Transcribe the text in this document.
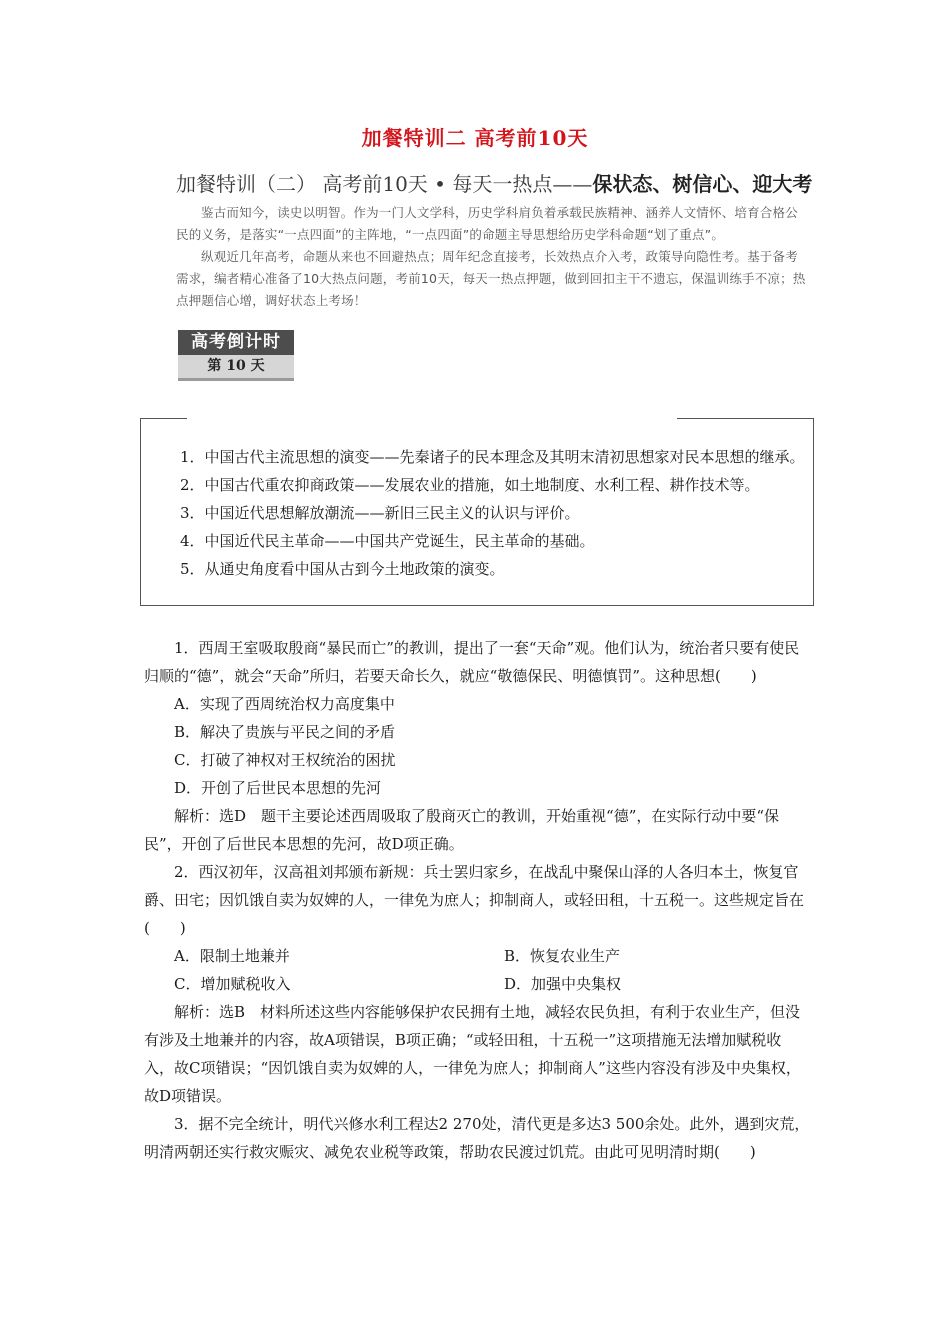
加餐特训二 高考前10天
加餐特训（二） 高考前10天 • 每天一热点——保状态、树信心、迎大考

鉴古而知今，读史以明智。作为一门人文学科，历史学科肩负着承载民族精神、涵养人文情怀、培育合格公民的义务，是落实“一点四面”的主阵地，“一点四面”的命题主导思想给历史学科命题“划了重点”。

纵观近几年高考，命题从来也不回避热点；周年纪念直接考，长效热点介入考，政策导向隐性考。基于备考需求，编者精心准备了10大热点问题，考前10天，每天一热点押题，做到回扣主干不遗忘，保温训练手不凉；热点押题信心增，调好状态上考场！

高考倒计时
第 10 天
1．中国古代主流思想的演变——先秦诸子的民本理念及其明末清初思想家对民本思想的继承。
2．中国古代重农抑商政策——发展农业的措施，如土地制度、水利工程、耕作技术等。
3．中国近代思想解放潮流——新旧三民主义的认识与评价。
4．中国近代民主革命——中国共产党诞生，民主革命的基础。
5．从通史角度看中国从古到今土地政策的演变。
1．西周王室吸取殷商“暴民而亡”的教训，提出了一套“天命”观。他们认为，统治者只要有使民归顺的“德”，就会“天命”所归，若要天命长久，就应“敬德保民、明德慎罚”。这种思想(　　)
A．实现了西周统治权力高度集中
B．解决了贵族与平民之间的矛盾
C．打破了神权对王权统治的困扰
D．开创了后世民本思想的先河
解析：选D　题干主要论述西周吸取了殷商灭亡的教训，开始重视“德”，在实际行动中要“保民”，开创了后世民本思想的先河，故D项正确。
2．西汉初年，汉高祖刘邦颁布新规：兵士罢归家乡，在战乱中聚保山泽的人各归本土，恢复官爵、田宅；因饥饿自卖为奴婢的人，一律免为庶人；抑制商人，或轻田租，十五税一。这些规定旨在(　　)
A．限制土地兼并	B．恢复农业生产
C．增加赋税收入	D．加强中央集权
解析：选B　材料所述这些内容能够保护农民拥有土地，减轻农民负担，有利于农业生产，但没有涉及土地兼并的内容，故A项错误，B项正确；“或轻田租，十五税一”这项措施无法增加赋税收入，故C项错误；“因饥饿自卖为奴婢的人，一律免为庶人；抑制商人”这些内容没有涉及中央集权，故D项错误。
3．据不完全统计，明代兴修水利工程达2 270处，清代更是多达3 500余处。此外，遇到灾荒，明清两朝还实行救灾赈灾、减免农业税等政策，帮助农民渡过饥荒。由此可见明清时期(　　)
